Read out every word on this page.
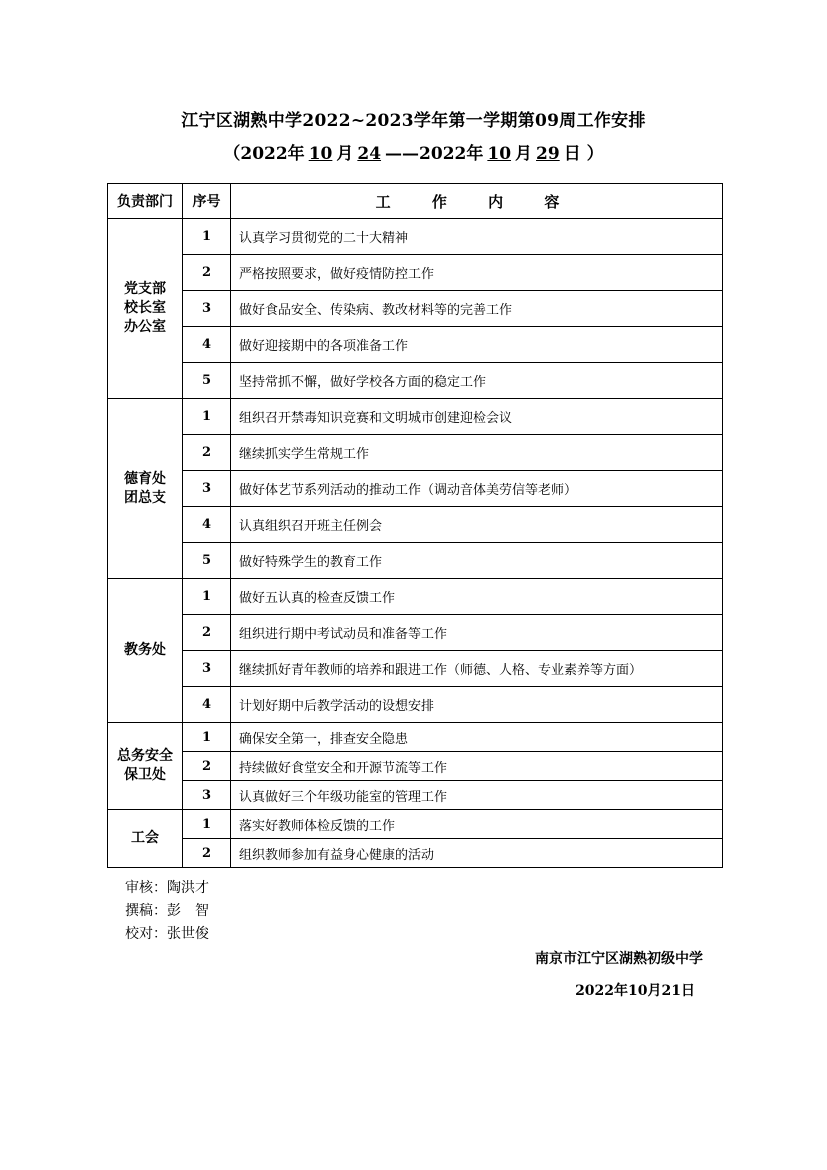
江宁区湖熟中学2022~2023学年第一学期第09周工作安排
（2022年 10 月 24 ——2022年 10 月 29 日 ）
负责部门	序号	工 作 内 容

党支部
校长室
办公室	1	认真学习贯彻党的二十大精神
	2	严格按照要求，做好疫情防控工作
	3	做好食品安全、传染病、教改材料等的完善工作
	4	做好迎接期中的各项准备工作
	5	坚持常抓不懈，做好学校各方面的稳定工作

德育处
团总支	1	组织召开禁毒知识竞赛和文明城市创建迎检会议
	2	继续抓实学生常规工作
	3	做好体艺节系列活动的推动工作（调动音体美劳信等老师）
	4	认真组织召开班主任例会
	5	做好特殊学生的教育工作

教务处	1	做好五认真的检查反馈工作
	2	组织进行期中考试动员和准备等工作
	3	继续抓好青年教师的培养和跟进工作（师德、人格、专业素养等方面）
	4	计划好期中后教学活动的设想安排

总务安全
保卫处	1	确保安全第一，排查安全隐患
	2	持续做好食堂安全和开源节流等工作
	3	认真做好三个年级功能室的管理工作

工会	1	落实好教师体检反馈的工作
	2	组织教师参加有益身心健康的活动
审核：陶洪才
撰稿：彭　智
校对：张世俊
南京市江宁区湖熟初级中学
2022年10月21日
